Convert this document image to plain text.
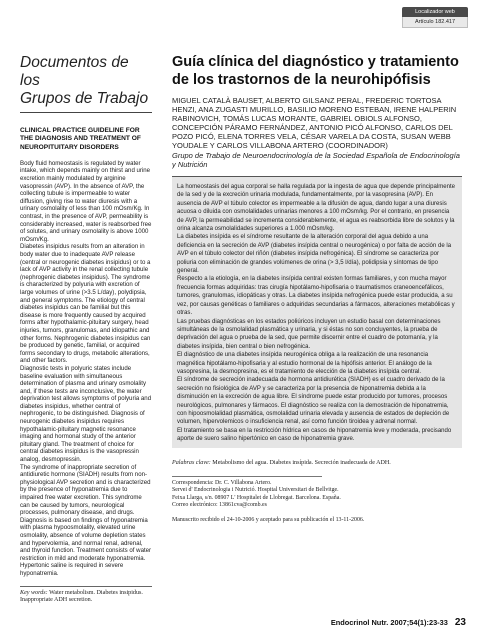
Localizador web
Artículo 182.417
Documentos de los
Grupos de Trabajo
CLINICAL PRACTICE GUIDELINE FOR THE DIAGNOSIS AND TREATMENT OF NEUROPITUITARY DISORDERS

Body fluid homeostasis is regulated by water intake, which depends mainly on thirst and urine excretion mainly modulated by arginine vasopressin (AVP). In the absence of AVP, the collecting tubule is impermeable to water diffusion, giving rise to water diuresis with a urinary osmolality of less than 100 mOsm/Kg. In contrast, in the presence of AVP, permeability is considerably increased, water is reabsorbed free of solutes, and urinary osmolality is above 1000 mOsm/Kg.

Diabetes insipidus results from an alteration in body water due to inadequate AVP release (central or neurogenic diabetes insipidus) or to a lack of AVP activity in the renal collecting tubule (nephrogenic diabetes insipidus). The syndrome is characterized by polyuria with excretion of large volumes of urine (>3.5 L/day), polydipsia, and general symptoms. The etiology of central diabetes insipidus can be familial but this disease is more frequently caused by acquired forms after hypothalamic-pituitary surgery, head injuries, tumors, granulomas, and idiopathic and other forms. Nephrogenic diabetes insipidus can be produced by genetic, familial, or acquired forms secondary to drugs, metabolic alterations, and other factors.

Diagnostic tests in polyuric states include baseline evaluation with simultaneous determination of plasma and urinary osmolality and, if these tests are inconclusive, the water deprivation test allows symptoms of polyuria and diabetes insipidus, whether central of nephrogenic, to be distinguished. Diagnosis of neurogenic diabetes insipidus requires hypothalamic-pituitary magnetic resonance imaging and hormonal study of the anterior pituitary gland. The treatment of choice for central diabetes insipidus is the vasopressin analog, desmopressin.

The syndrome of inappropriate secretion of antidiuretic hormone (SIADH) results from non-physiological AVP secretion and is characterized by the presence of hyponatremia due to impaired free water excretion. This syndrome can be caused by tumors, neurological processes, pulmonary disease, and drugs. Diagnosis is based on findings of hyponatremia with plasma hypoosmolality, elevated urine osmolality, absence of volume depletion states and hypervolemia, and normal renal, adrenal, and thyroid function. Treatment consists of water restriction in mild and moderate hyponatremia. Hypertonic saline is required in severe hyponatremia.

Key words: Water metabolism. Diabetes insipidus. Inappropriate ADH secretion.
Guía clínica del diagnóstico y tratamiento de los trastornos de la neurohipófisis
MIGUEL CATALÀ BAUSET, ALBERTO GILSANZ PERAL, FREDERIC TORTOSA HENZI, ANA ZUGASTI MURILLO, BASILIO MORENO ESTEBAN, IRENE HALPERIN RABINOVICH, TOMÁS LUCAS MORANTE, GABRIEL OBIOLS ALFONSO, CONCEPCIÓN PÁRAMO FERNÁNDEZ, ANTONIO PICÓ ALFONSO, CARLOS DEL POZO PICÓ, ELENA TORRES VELA, CÉSAR VARELA DA COSTA, SUSAN WEBB YOUDALE Y CARLOS VILLABONA ARTERO (COORDINADOR)
Grupo de Trabajo de Neuroendocrinología de la Sociedad Española de Endocrinología y Nutrición

La homeostasis del agua corporal se halla regulada por la ingesta de agua que depende principalmente de la sed y de la excreción urinaria modulada, fundamentalmente, por la vasopresina (AVP). En ausencia de AVP el túbulo colector es impermeable a la difusión de agua, dando lugar a una diuresis acuosa o diluida con osmolalidades urinarias menores a 100 mOsm/kg. Por el contrario, en presencia de AVP, la permeabilidad se incrementa considerablemente, el agua es reabsorbida libre de solutos y la orina alcanza osmolalidades superiores a 1.000 mOsm/kg.

La diabetes insípida es el síndrome resultante de la alteración corporal del agua debido a una deficiencia en la secreción de AVP (diabetes insípida central o neurogénica) o por falta de acción de la AVP en el túbulo colector del riñón (diabetes insípida nefrogénica). El síndrome se caracteriza por poliuria con eliminación de grandes volúmenes de orina (> 3,5 l/día), polidipsia y síntomas de tipo general.

Respecto a la etiología, en la diabetes insípida central existen formas familiares, y con mucha mayor frecuencia formas adquiridas: tras cirugía hipotálamo-hipofisaria o traumatismos craneoencefálicos, tumores, granulomas, idiopáticas y otras. La diabetes insípida nefrogénica puede estar producida, a su vez, por causas genéticas o familiares o adquiridas secundarias a fármacos, alteraciones metabólicas y otras.

Las pruebas diagnósticas en los estados poliúricos incluyen un estudio basal con determinaciones simultáneas de la osmolalidad plasmática y urinaria, y si éstas no son concluyentes, la prueba de deprivación del agua o prueba de la sed, que permite discernir entre el cuadro de potomanía, y la diabetes insípida, bien central o bien nefrogénica.

El diagnóstico de una diabetes insípida neurogénica obliga a la realización de una resonancia magnética hipotálamo-hipofisaria y al estudio hormonal de la hipófisis anterior. El análogo de la vasopresina, la desmopresina, es el tratamiento de elección de la diabetes insípida central.

El síndrome de secreción inadecuada de hormona antidiurética (SIADH) es el cuadro derivado de la secreción no fisiológica de AVP y se caracteriza por la presencia de hiponatremia debida a la disminución en la excreción de agua libre. El síndrome puede estar producido por tumores, procesos neurológicos, pulmonares y fármacos. El diagnóstico se realiza con la demostración de hiponatremia, con hipoosmolalidad plasmática, osmolalidad urinaria elevada y ausencia de estados de depleción de volumen, hipervolemicos o insuficiencia renal, así como función tiroidea y adrenal normal.

El tratamiento se basa en la restricción hídrica en casos de hiponatremia leve y moderada, precisando aporte de suero salino hipertónico en caso de hiponatremia grave.

Palabras clave: Metabolismo del agua. Diabetes insípida. Secreción inadecuada de ADH.
Correspondencia: Dr. C. Villabona Artero.
Servei d' Endocrinologia i Nutrició. Hospital Universitari de Bellvitge.
Feixa Llarga, s/n. 08907 L' Hospitalet de Llobregat. Barcelona. España.
Correo electrónico: 13861cva@comb.es
Manuscrito recibido el 24-10-2006 y aceptado para su publicación el 13-11-2006.
Endocrinol Nutr. 2007;54(1):23-33 23
